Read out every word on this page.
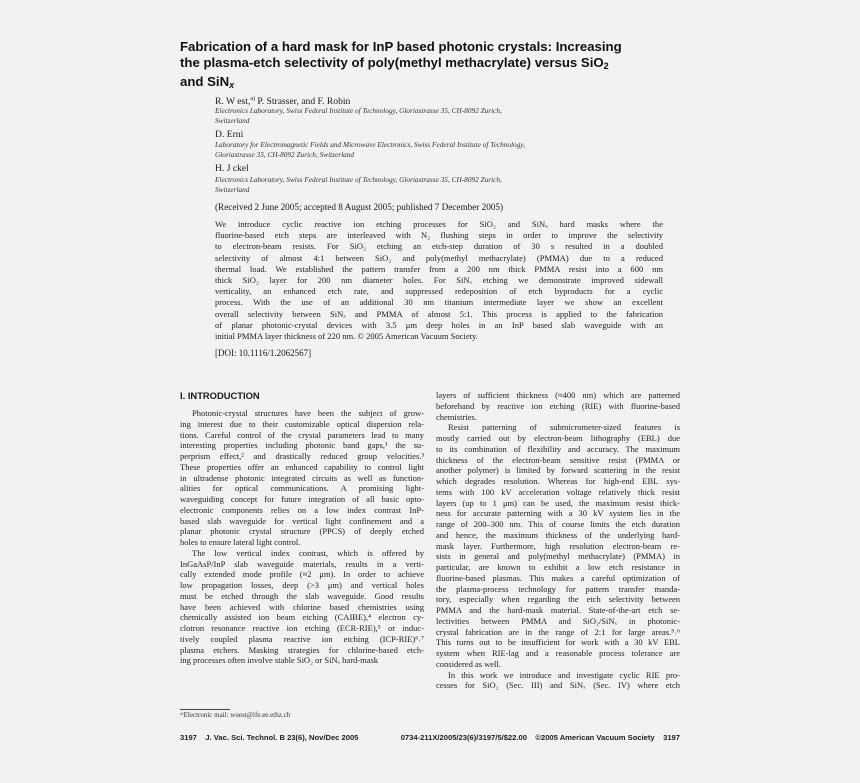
Fabrication of a hard mask for InP based photonic crystals: Increasing
the plasma-etch selectivity of poly(methyl methacrylate) versus SiO$_2$
and SiN$_x$
R. W est,$^{a)}$ P. Strasser, and F. Robin
Electronics Laboratory, Swiss Federal Institute of Technology, Gloriastrasse 35, CH-8092 Zurich,
Switzerland
D. Erni
Laboratory for Electromagnetic Fields and Microwave Electronics, Swiss Federal Institute of Technology,
Gloriastrasse 35, CH-8092 Zurich, Switzerland
H. J ckel
Electronics Laboratory, Swiss Federal Institute of Technology, Gloriastrasse 35, CH-8092 Zurich,
Switzerland
(Received 2 June 2005; accepted 8 August 2005; published 7 December 2005)
We introduce cyclic reactive ion etching processes for SiO₂ and SiNₓ hard masks where the
fluorine-based etch steps are interleaved with N₂ flushing steps in order to improve the selectivity
to electron-beam resists. For SiO₂ etching an etch-step duration of 30 s resulted in a doubled
selectivity of almost 4:1 between SiO₂ and poly(methyl methacrylate) (PMMA) due to a reduced
thermal load. We established the pattern transfer from a 200 nm thick PMMA resist into a 600 nm
thick SiO₂ layer for 200 nm diameter holes. For SiNₓ etching we demonstrate improved sidewall
verticality, an enhanced etch rate, and suppressed redeposition of etch byproducts for a cyclic
process. With the use of an additional 30 nm titanium intermediate layer we show an excellent
overall selectivity between SiNₓ and PMMA of almost 5:1. This process is applied to the fabrication
of planar photonic-crystal devices with 3.5 μm deep holes in an InP based slab waveguide with an
initial PMMA layer thickness of 220 nm. © 2005 American Vacuum Society.
[DOI: 10.1116/1.2062567]
I. INTRODUCTION
Photonic-crystal structures have been the subject of grow-
ing interest due to their customizable optical dispersion rela-
tions. Careful control of the crystal parameters lead to many
interesting properties including photonic band gaps,¹ the su-
perprism effect,² and drastically reduced group velocities.³
These properties offer an enhanced capability to control light
in ultradense photonic integrated circuits as well as function-
alities for optical communications. A promising light-
waveguiding concept for future integration of all basic opto-
electronic components relies on a low index contrast InP-
based slab waveguide for vertical light confinement and a
planar photonic crystal structure (PPCS) of deeply etched
holes to ensure lateral light control.
The low vertical index contrast, which is offered by
InGaAsP/InP slab waveguide materials, results in a verti-
cally extended mode profile (≈2 μm). In order to achieve
low propagation losses, deep (>3 μm) and vertical holes
must be etched through the slab waveguide. Good results
have been achieved with chlorine based chemistries using
chemically assisted ion beam etching (CAIBE),⁴ electron cy-
clotron resonance reactive ion etching (ECR-RIE),⁵ or induc-
tively coupled plasma reactive ion etching (ICP-RIE)⁶˒⁷
plasma etchers. Masking strategies for chlorine-based etch-
ing processes often involve stable SiO₂ or SiNₓ hard-mask
layers of sufficient thickness (≈400 nm) which are patterned
beforehand by reactive ion etching (RIE) with fluorine-based
chemistries.
Resist patterning of submicrometer-sized features is
mostly carried out by electron-beam lithography (EBL) due
to its combination of flexibility and accuracy. The maximum
thickness of the electron-beam sensitive resist (PMMA or
another polymer) is limited by forward scattering in the resist
which degrades resolution. Whereas for high-end EBL sys-
tems with 100 kV acceleration voltage relatively thick resist
layers (up to 1 μm) can be used, the maximum resist thick-
ness for accurate patterning with a 30 kV system lies in the
range of 200–300 nm. This of course limits the etch duration
and hence, the maximum thickness of the underlying hard-
mask layer. Furthermore, high resolution electron-beam re-
sists in general and poly(methyl methacrylate) (PMMA) in
particular, are known to exhibit a low etch resistance in
fluorine-based plasmas. This makes a careful optimization of
the plasma-process technology for pattern transfer manda-
tory, especially when regarding the etch selectivity between
PMMA and the hard-mask material. State-of-the-art etch se-
lectivities between PMMA and SiO₂/SiNₓ in photonic-
crystal fabrication are in the range of 2:1 for large areas.⁵˒⁶
This turns out to be insufficient for work with a 30 kV EBL
system when RIE-lag and a reasonable process tolerance are
considered as well.
In this work we introduce and investigate cyclic RIE pro-
cesses for SiO₂ (Sec. III) and SiNₓ (Sec. IV) where etch
ᵃ⁾Electronic mail: wuest@ife.ee.ethz.ch
3197    J. Vac. Sci. Technol. B 23(6), Nov/Dec 2005	0734-211X/2005/23(6)/3197/5/$22.00    ©2005 American Vacuum Society    3197
